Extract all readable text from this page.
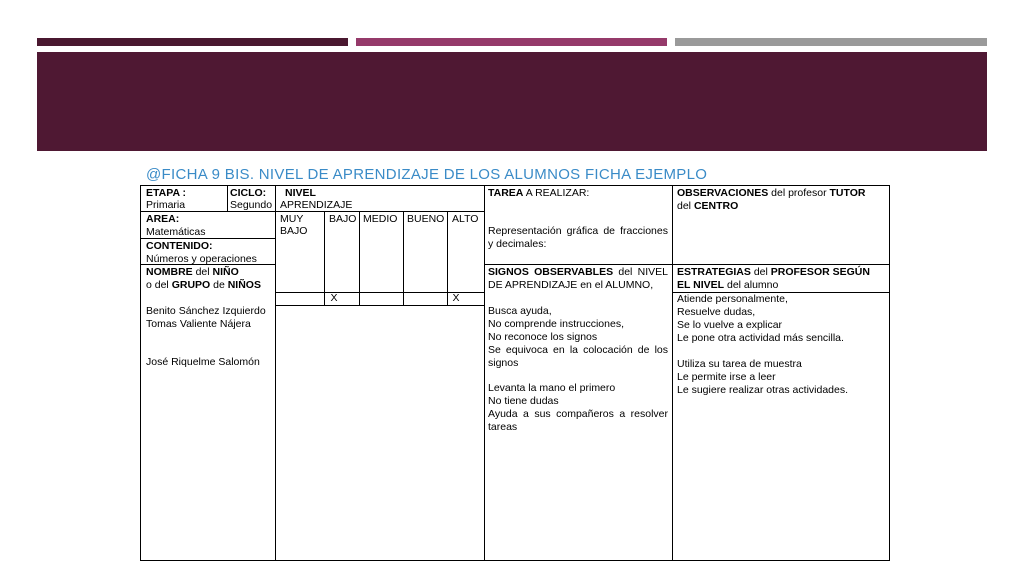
@FICHA 9 BIS. NIVEL DE APRENDIZAJE DE LOS ALUMNOS FICHA EJEMPLO
ETAPA :
Primaria
CICLO:
Segundo
NIVEL
APRENDIZAJE
AREA:
Matemáticas
CONTENIDO:
Números y operaciones
NOMBRE del NIÑO
o del GRUPO de NIÑOS
Benito Sánchez Izquierdo
Tomas Valiente Nájera
José Riquelme Salomón
MUY
BAJO
BAJO MEDIO BUENO ALTO
X	X
TAREA A REALIZAR:
Representación gráfica de fracciones y decimales:
SIGNOS OBSERVABLES del NIVEL DE APRENDIZAJE en el ALUMNO,
Busca ayuda,
No comprende instrucciones,
No reconoce los signos
Se equivoca en la colocación de los signos
Levanta la mano el primero
No tiene dudas
Ayuda a sus compañeros a resolver tareas
OBSERVACIONES del profesor TUTOR
del CENTRO
ESTRATEGIAS del PROFESOR SEGÚN
EL NIVEL del alumno
Atiende personalmente,
Resuelve dudas,
Se lo vuelve a explicar
Le pone otra actividad más sencilla.
Utiliza su tarea de muestra
Le permite irse a leer
Le sugiere realizar otras actividades.
